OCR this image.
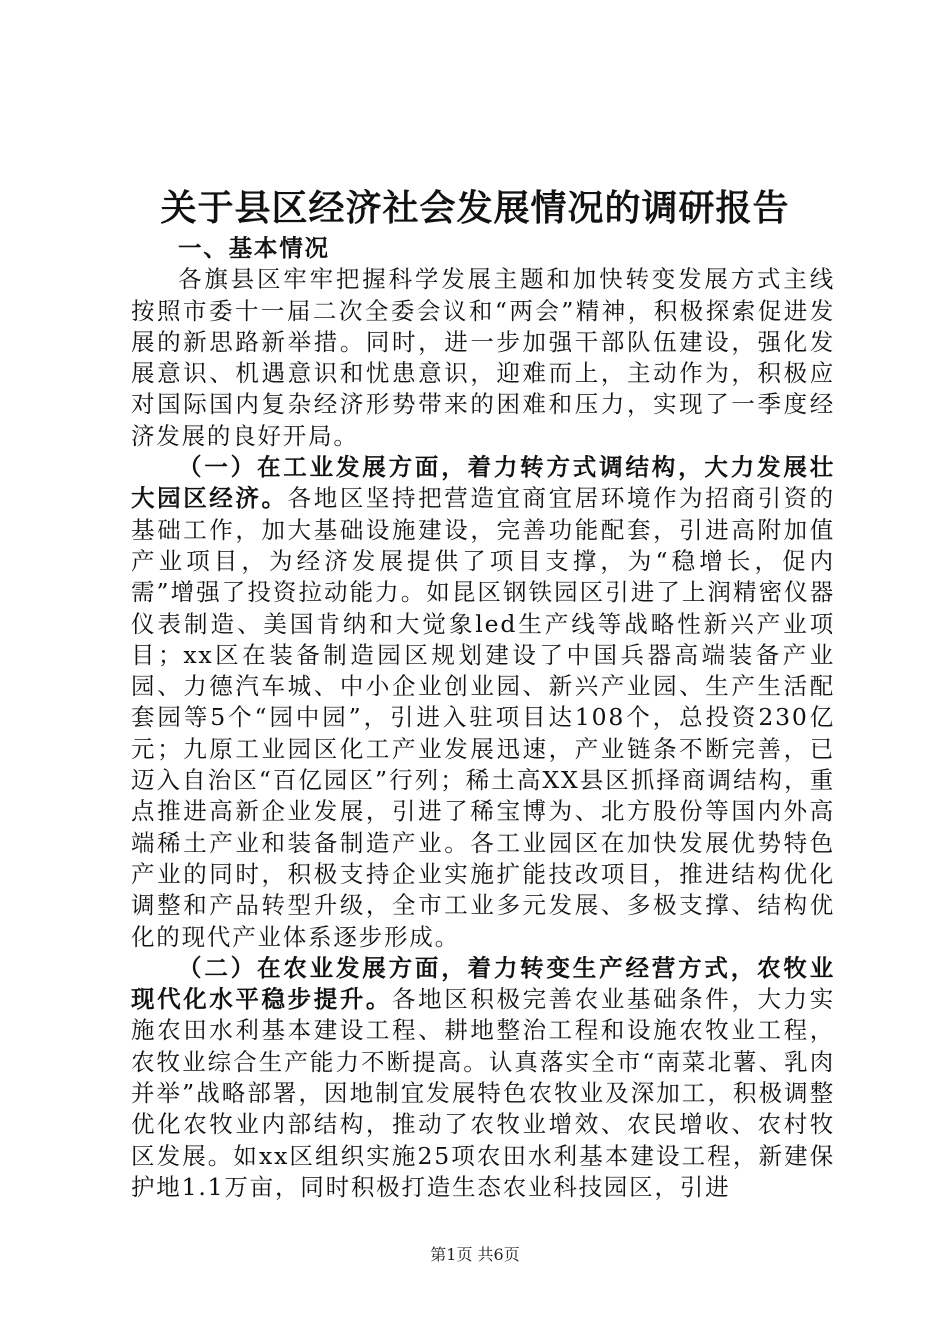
关于县区经济社会发展情况的调研报告

一、基本情况

各旗县区牢牢把握科学发展主题和加快转变发展方式主线按照市委十一届二次全委会议和“两会”精神，积极探索促进发展的新思路新举措。同时，进一步加强干部队伍建设，强化发展意识、机遇意识和忧患意识，迎难而上，主动作为，积极应对国际国内复杂经济形势带来的困难和压力，实现了一季度经济发展的良好开局。

（一）在工业发展方面，着力转方式调结构，大力发展壮大园区经济。各地区坚持把营造宜商宜居环境作为招商引资的基础工作，加大基础设施建设，完善功能配套，引进高附加值产业项目，为经济发展提供了项目支撑，为“稳增长，促内需”增强了投资拉动能力。如昆区钢铁园区引进了上润精密仪器仪表制造、美国肯纳和大觉象led生产线等战略性新兴产业项目；xx区在装备制造园区规划建设了中国兵器高端装备产业园、力德汽车城、中小企业创业园、新兴产业园、生产生活配套园等5个“园中园”，引进入驻项目达108个，总投资230亿元；九原工业园区化工产业发展迅速，产业链条不断完善，已迈入自治区“百亿园区”行列；稀土高XX县区抓择商调结构，重点推进高新企业发展，引进了稀宝博为、北方股份等国内外高端稀土产业和装备制造产业。各工业园区在加快发展优势特色产业的同时，积极支持企业实施扩能技改项目，推进结构优化调整和产品转型升级，全市工业多元发展、多极支撑、结构优化的现代产业体系逐步形成。

（二）在农业发展方面，着力转变生产经营方式，农牧业现代化水平稳步提升。各地区积极完善农业基础条件，大力实施农田水利基本建设工程、耕地整治工程和设施农牧业工程，农牧业综合生产能力不断提高。认真落实全市“南菜北薯、乳肉并举”战略部署，因地制宜发展特色农牧业及深加工，积极调整优化农牧业内部结构，推动了农牧业增效、农民增收、农村牧区发展。如xx区组织实施25项农田水利基本建设工程，新建保护地1.1万亩，同时积极打造生态农业科技园区，引进

第1页 共6页
